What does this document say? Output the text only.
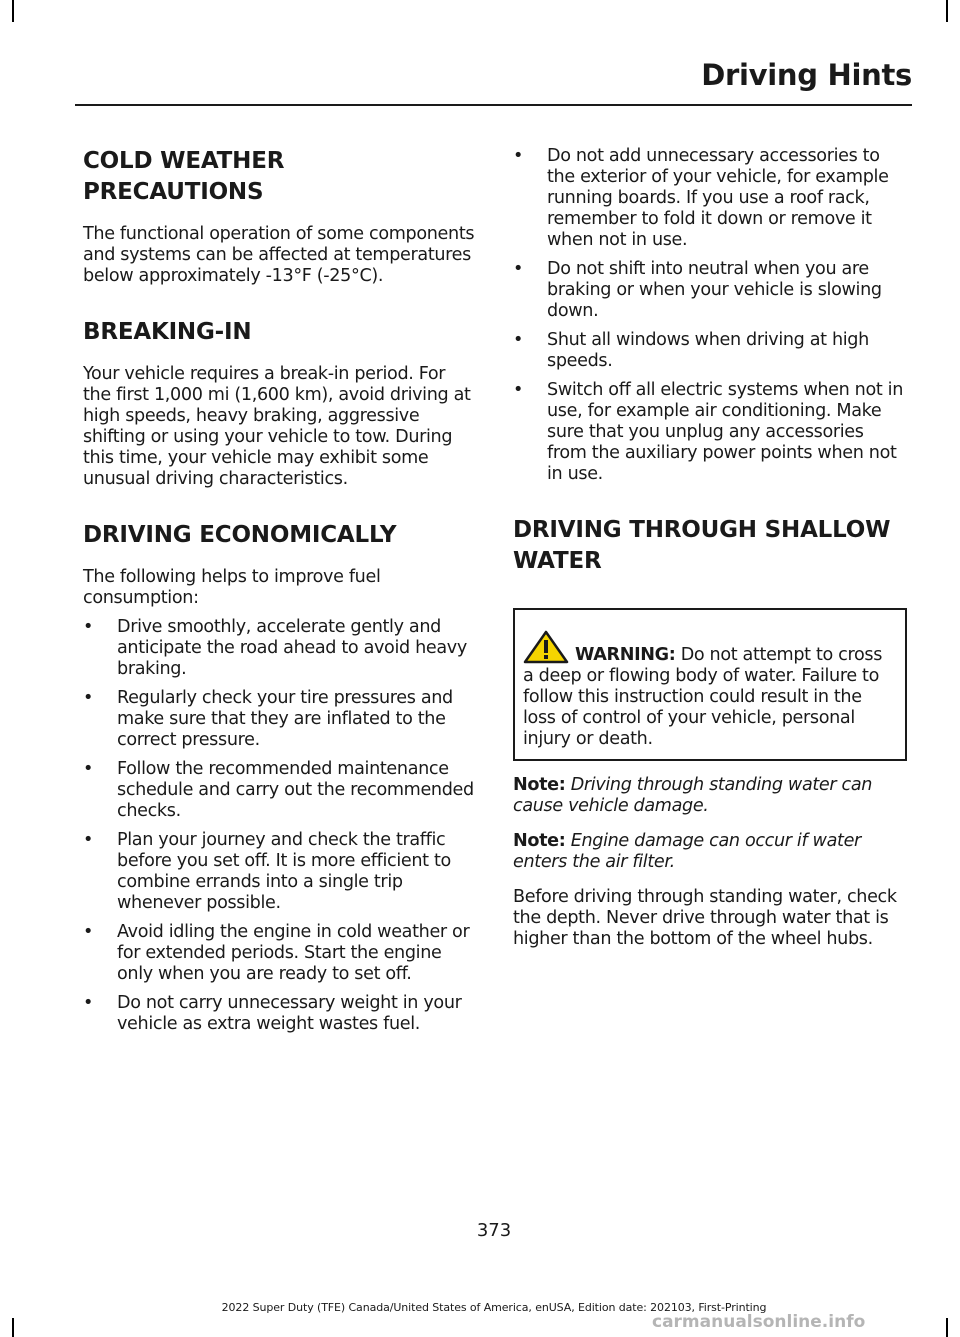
Driving Hints
COLD WEATHER
PRECAUTIONS

The functional operation of some components and systems can be affected at temperatures below approximately -13°F (-25°C).

BREAKING-IN

Your vehicle requires a break-in period. For the first 1,000 mi (1,600 km), avoid driving at high speeds, heavy braking, aggressive shifting or using your vehicle to tow. During this time, your vehicle may exhibit some unusual driving characteristics.

DRIVING ECONOMICALLY

The following helps to improve fuel consumption:

•	Drive smoothly, accelerate gently and anticipate the road ahead to avoid heavy braking.
•	Regularly check your tire pressures and make sure that they are inflated to the correct pressure.
•	Follow the recommended maintenance schedule and carry out the recommended checks.
•	Plan your journey and check the traffic before you set off. It is more efficient to combine errands into a single trip whenever possible.
•	Avoid idling the engine in cold weather or for extended periods. Start the engine only when you are ready to set off.
•	Do not carry unnecessary weight in your vehicle as extra weight wastes fuel.
•	Do not add unnecessary accessories to the exterior of your vehicle, for example running boards. If you use a roof rack, remember to fold it down or remove it when not in use.
•	Do not shift into neutral when you are braking or when your vehicle is slowing down.
•	Shut all windows when driving at high speeds.
•	Switch off all electric systems when not in use, for example air conditioning. Make sure that you unplug any accessories from the auxiliary power points when not in use.
DRIVING THROUGH SHALLOW
WATER
WARNING: Do not attempt to cross a deep or flowing body of water. Failure to follow this instruction could result in the loss of control of your vehicle, personal injury or death.
Note: Driving through standing water can cause vehicle damage.
Note: Engine damage can occur if water enters the air filter.

Before driving through standing water, check the depth. Never drive through water that is higher than the bottom of the wheel hubs.

373
2022 Super Duty (TFE) Canada/United States of America, enUSA, Edition date: 202103, First-Printing
carmanualsonline.info
